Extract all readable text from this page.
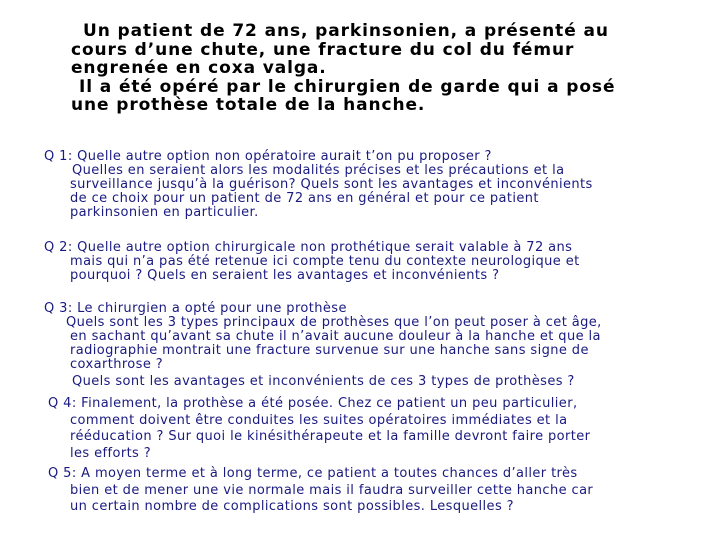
Un patient de 72 ans, parkinsonien, a présenté au
cours d’une chute, une fracture du col du fémur
engrenée en coxa valga.
Il a été opéré par le chirurgien de garde qui a posé
une prothèse totale de la hanche.
Q 1: Quelle autre option non opératoire aurait t’on pu proposer ?
Quelles en seraient alors les modalités précises et les précautions et la
surveillance jusqu’à la guérison? Quels sont les avantages et inconvénients
de ce choix pour un patient de 72 ans en général et pour ce patient
parkinsonien en particulier.
Q 2: Quelle autre option chirurgicale non prothétique serait valable à 72 ans
mais qui n’a pas été retenue ici compte tenu du contexte neurologique et
pourquoi ? Quels en seraient les avantages et inconvénients ?
Q 3: Le chirurgien a opté pour une prothèse
Quels sont les 3 types principaux de prothèses que l’on peut poser à cet âge,
en sachant qu’avant sa chute il n’avait aucune douleur à la hanche et que la
radiographie montrait une fracture survenue sur une hanche sans signe de
coxarthrose ?
Quels sont les avantages et inconvénients de ces 3 types de prothèses ?
Q 4: Finalement, la prothèse a été posée. Chez ce patient un peu particulier,
comment doivent être conduites les suites opératoires immédiates et la
rééducation ? Sur quoi le kinésithérapeute et la famille devront faire porter
les efforts ?
Q 5: A moyen terme et à long terme, ce patient a toutes chances d’aller très
bien et de mener une vie normale mais il faudra surveiller cette hanche car
un certain nombre de complications sont possibles. Lesquelles ?
